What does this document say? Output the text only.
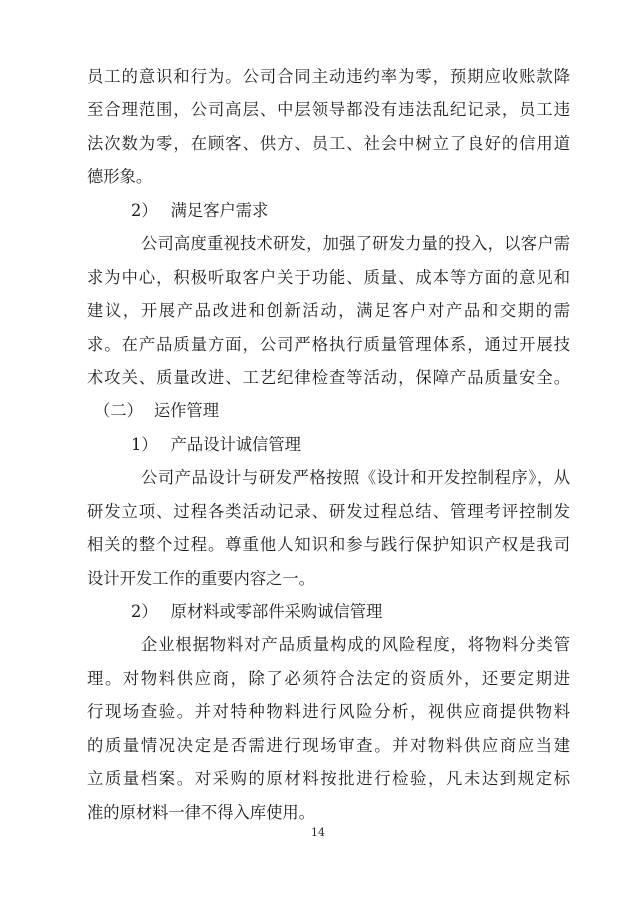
员工的意识和行为。公司合同主动违约率为零，预期应收账款降
至合理范围，公司高层、中层领导都没有违法乱纪记录，员工违
法次数为零，在顾客、供方、员工、社会中树立了良好的信用道
德形象。
2） 满足客户需求
公司高度重视技术研发，加强了研发力量的投入，以客户需
求为中心，积极听取客户关于功能、质量、成本等方面的意见和
建议，开展产品改进和创新活动，满足客户对产品和交期的需
求。在产品质量方面，公司严格执行质量管理体系，通过开展技
术攻关、质量改进、工艺纪律检查等活动，保障产品质量安全。
（二） 运作管理
1） 产品设计诚信管理
公司产品设计与研发严格按照《设计和开发控制程序》，从
研发立项、过程各类活动记录、研发过程总结、管理考评控制发
相关的整个过程。尊重他人知识和参与践行保护知识产权是我司
设计开发工作的重要内容之一。
2） 原材料或零部件采购诚信管理
企业根据物料对产品质量构成的风险程度，将物料分类管
理。对物料供应商，除了必须符合法定的资质外，还要定期进
行现场查验。并对特种物料进行风险分析，视供应商提供物料
的质量情况决定是否需进行现场审查。并对物料供应商应当建
立质量档案。对采购的原材料按批进行检验，凡未达到规定标
准的原材料一律不得入库使用。
14
